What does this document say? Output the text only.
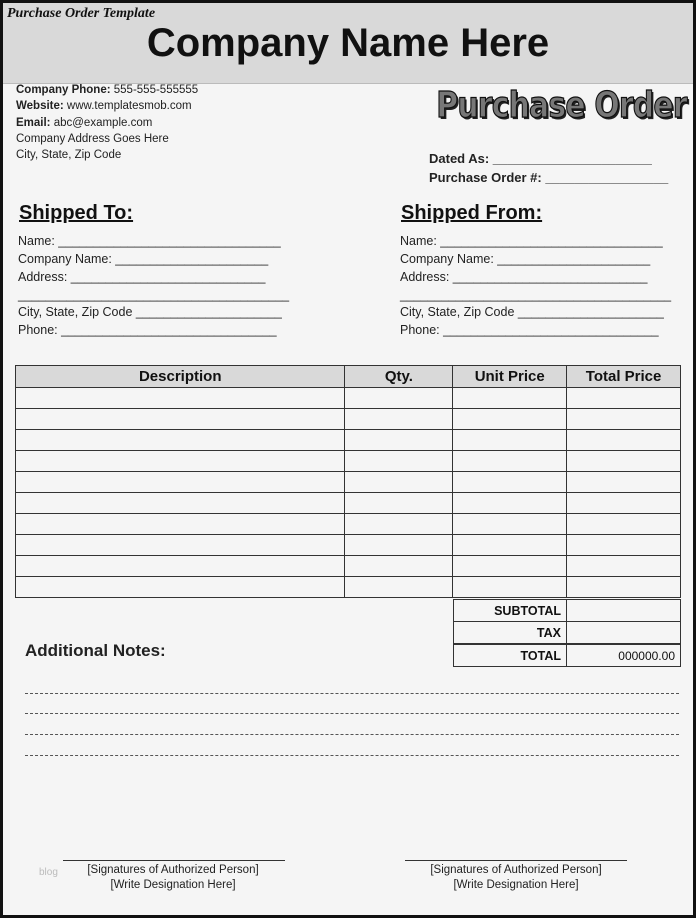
Purchase Order Template
Company Name Here
Company Phone: 555-555-555555
Website: www.templatesmob.com
Email: abc@example.com
Company Address Goes Here
City, State, Zip Code
Purchase Order
Dated As: ______________________
Purchase Order #: _________________
Shipped To:
Name: ________________________________
Company Name: ______________________
Address: ____________________________
_______________________________________
City, State, Zip Code _____________________
Phone: _______________________________
Shipped From:
Name: ________________________________
Company Name: ______________________
Address: ____________________________
_______________________________________
City, State, Zip Code _____________________
Phone: _______________________________
Description	Qty.	Unit Price	Total Price

SUBTOTAL	
TAX	
TOTAL	000000.00
Additional Notes:
[Signatures of Authorized Person]
[Write Designation Here]
[Signatures of Authorized Person]
[Write Designation Here]
blog
